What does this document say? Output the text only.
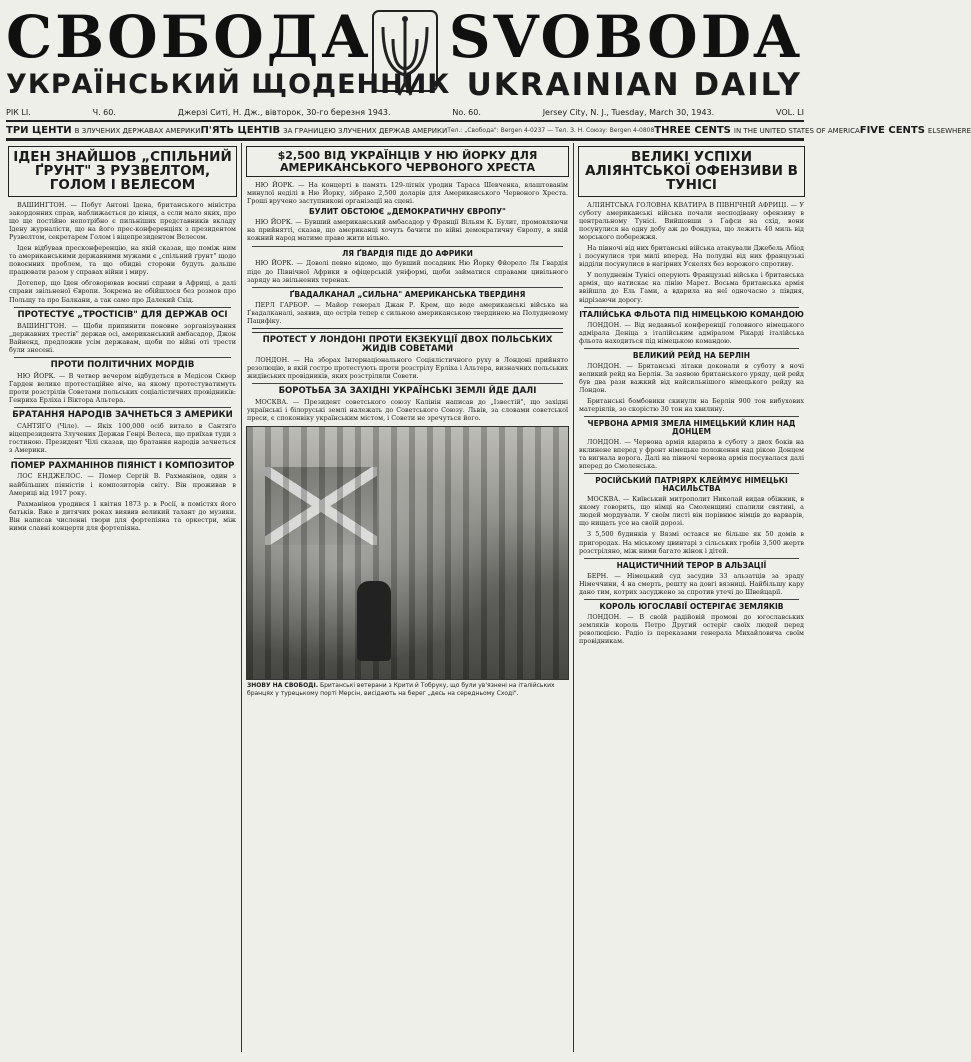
СВОБОДА SVOBODA
УКРАЇНСЬКИЙ ЩОДЕННИК UKRAINIAN DAILY
РІК LI.	Ч. 60.	Джерзі Ситі, Н. Дж., вівторок, 30-го березня 1943.	No. 60.	Jersey City, N. J., Tuesday, March 30, 1943.	VOL. LI
ТРИ ЦЕНТИ В ЗЛУЧЕНИХ ДЕРЖАВАХ АМЕРИКИ П'ЯТЬ ЦЕНТІВ ЗА ГРАНИЦЕЮ ЗЛУЧЕНИХ ДЕРЖАВ АМЕРИКИ Тел.: „Свобода": Bergen 4-0237 — Тел. З. Н. Союзу: Bergen 4-0808 THREE CENTS IN THE UNITED STATES OF AMERICA FIVE CENTS ELSEWHERE
ІДЕН ЗНАЙШОВ „СПІЛЬНИЙ ҐРУНТ" З РУЗВЕЛТОМ, ГОЛОМ І ВЕЛЕСОМ

ВАШИНГТОН. — Побут Антоні Ідена, британського міністра закордонних справ, наближається до кінця, а єсли мало яких, про що ще постійно непотрібно є пильніших представників вкладу Ідену журналісти, що на його прес-конференціях з президентом Рузвелтом, секретарем Голом і віцепрезидентом Велесом.

Іден відбував пресконференцію, на якій сказав, що поміж ним та американськими державними мужами є „спільний ґрунт" щодо повоєнних проблем, та що обидві сторони будуть дальше працювати разом у справах війни і миру.

Дотепер, що Іден обговорював воєнні справи в Африці, а далі справи звільненої Європи. Зокрема не обійшлося без розмов про Польщу та про Балкани, а так само про Далекий Схід.

ПРОТЕСТУЄ „ТРОСТІСІВ" ДЛЯ ДЕРЖАВ ОСІ

ВАШИНГТОН. — Щоби припинити поновне зорганізування „державних трестів" держав осі, американський амбасадор, Джон Вайненд, предложив усім державам, щоби по війні оті трести були знесені.

ПРОТИ ПОЛІТИЧНИХ МОРДІВ

НЮ ЙОРК. — В четвер вечером відбудеться в Медісон Сквер Гарден велике протестаційне віче, на якому протестуватимуть проти розстрілів Советами польських соціалістичних провідників: Генриха Ерліха і Віктора Альтера.

БРАТАННЯ НАРОДІВ ЗАЧНЕТЬСЯ З АМЕРИКИ

САНТЯҐО (Чіле). — Якіх 100,000 осіб витало в Сантяґо віцепрезидента Злучених Держав Генрі Велеса, що приїхав туди з гостиною. Президент Чілі сказав, що братання народів зачнеться з Америки.

ПОМЕР РАХМАНІНОВ ПІЯНІСТ І КОМПОЗИТОР

ЛОС ЕНДЖЕЛОС. — Помер Сергій В. Рахманінов, один з найбільших піяністів і композиторів світу. Він проживав в Америці від 1917 року.

Рахманінов уродився 1 квітня 1873 р. в Росії, в помістях його батьків. Вже в дитячих роках виявив великий талант до музики. Він написав численні твори для фортепіяна та оркестри, між ними славні концерти для фортепіяна.

$2,500 ВІД УКРАЇНЦІВ У НЮ ЙОРКУ ДЛЯ АМЕРИКАНСЬКОГО ЧЕРВОНОГО ХРЕСТА

НЮ ЙОРК. — На концерті в память 129-літніх уродин Тараса Шевченка, влаштованім минулої неділі в Ню Йорку, зібрано 2,500 доларів для Американського Червоного Хреста. Гроші вручено заступникові організації на сцені.

БУЛИТ ОБСТОЮЄ „ДЕМОКРАТИЧНУ ЄВРОПУ"

НЮ ЙОРК. — Бувший американський амбасадор у Франції Вільям К. Булит, промовляючи на прийнятті, сказав, що американці хочуть бачити по війні демократичну Європу, в якій кожний народ матиме право жити вільно.

ЛЯ ҐВАРДІЯ ПІДЕ ДО АФРИКИ

НЮ ЙОРК. — Доволі певно відомо, що бувший посадник Ню Йорку Фйорело Ля Ґвардія піде до Північної Африки в офіцерській уніформі, щоби займатися справами цивільного заряду на звільнених теренах.

ҐВАДАЛКАНАЛ „СИЛЬНА" АМЕРИКАНСЬКА ТВЕРДИНЯ

ПЕРЛ ГАРБОР. — Майор генерал Джан Р. Крем, що веде американські війська на Ґвадалканалі, заявив, що острів тепер є сильною американською твердинею на Полудневому Пацифіку.

ПРОТЕСТ У ЛОНДОНІ ПРОТИ ЕКЗЕКУЦІЇ ДВОХ ПОЛЬСЬКИХ ЖИДІВ СОВЕТАМИ

ЛОНДОН. — На зборах Інтернаціонального Соціялістичного руху в Лондоні прийнято резолюцію, в якій гостро протестують проти розстрілу Ерліха і Альтера, визначних польських жидівських провідників, яких розстріляли Совети.

БОРОТЬБА ЗА ЗАХІДНІ УКРАЇНСЬКІ ЗЕМЛІ ЙДЕ ДАЛІ

МОСКВА. — Президент советського союзу Калінін написав до „Ізвестій", що західні українські і білоруські землі належать до Советського Союзу. Львів, за словами советської преси, є споконвіку українським містом, і Совети не зречуться його.

ЗНОВУ НА СВОБОДІ. Британські ветерани з Крити й Тобруку, що були ув'язнені на італійських бранцях у турецькому порті Мерсін, висідають на берег „десь на середньому Сході".
ВЕЛИКІ УСПІХИ АЛІЯНТСЬКОЇ ОФЕНЗИВИ В ТУНІСІ

АЛІЯНТСЬКА ГОЛОВНА КВАТИРА В ПІВНІЧНІЙ АФРИЦІ. — У суботу американські війська почали несподівану офензиву в центральному Тунісі. Вийшовши з Ґафси на схід, вони посунулися на одну добу аж до Фондука, що лежить 40 миль від морського побережжя.

На півночі від них британські війська атакували Джебель Абіод і посунулися три милі вперед. На полудні від них французькі відділи посунулися в нагірних Ускелях без ворожого спротиву.

У полудневім Тунісі оперують Французькі війська і британська армія, що натискає на лінію Марет. Восьма британська армія ввійшла до Ель Гами, а вдарила на неї одночасно з півдня, відрізаючи дорогу.

ІТАЛІЙСЬКА ФЛЬОТА ПІД НІМЕЦЬКОЮ КОМАНДОЮ

ЛОНДОН. — Від недавньої конференції головного німецького адмірала Деніца з італійським адміралом Рікарді італійська фльота находиться під німецькою командою.

ВЕЛИКИЙ РЕЙД НА БЕРЛІН

ЛОНДОН. — Британські літаки доконали в суботу в ночі великий рейд на Берлін. За заявою британського уряду, цей рейд був два рази важкий від найсильнішого німецького рейду на Лондон.

Британські бомбовики скинули на Берлін 900 тон вибухових матеріялів, зо скорістю 30 тон на хвилину.

ЧЕРВОНА АРМІЯ ЗМЕЛА НІМЕЦЬКИЙ КЛИН НАД ДОНЦЕМ

ЛОНДОН. — Червона армія вдарила в суботу з двох боків на вклинене вперед у фронт німецьке положення над рікою Донцем та вигнала ворога. Далі на півночі червона армія посувалася далі вперед до Смоленська.

РОСІЙСЬКИЙ ПАТРІЯРХ КЛЕЙМУЄ НІМЕЦЬКІ НАСИЛЬСТВА

МОСКВА. — Київський митрополит Николай видав обіжник, в якому говорить, що німці на Смоленщині спалили святині, а людей мордували. У своїм листі він порівнює німців до варварів, що нищать усе на своїй дорозі.

З 5,500 будинків у Вязмі остався не більше як 50 домів в пригородах. На міському цвинтарі з сільських гробів 3,500 жертв розстріляно, між ними багато жінок і дітей.

НАЦИСТИЧНИЙ ТЕРОР В АЛЬЗАЦІЇ

БЕРН. — Німецький суд засудив 33 альзатців за зраду Німеччини, 4 на смерть, решту на довгі вязниці. Найбільшу кару дано тим, котрих засуджено за спротив утечі до Швейцарії.

КОРОЛЬ ЮГОСЛАВІЇ ОСТЕРІГАЄ ЗЕМЛЯКІВ

ЛОНДОН. — В своїй радійовій промові до югославських земляків король Петро Другий остеріг своїх людей перед революцією. Радіо із переказами генерала Михайловича своїм провідникам.
